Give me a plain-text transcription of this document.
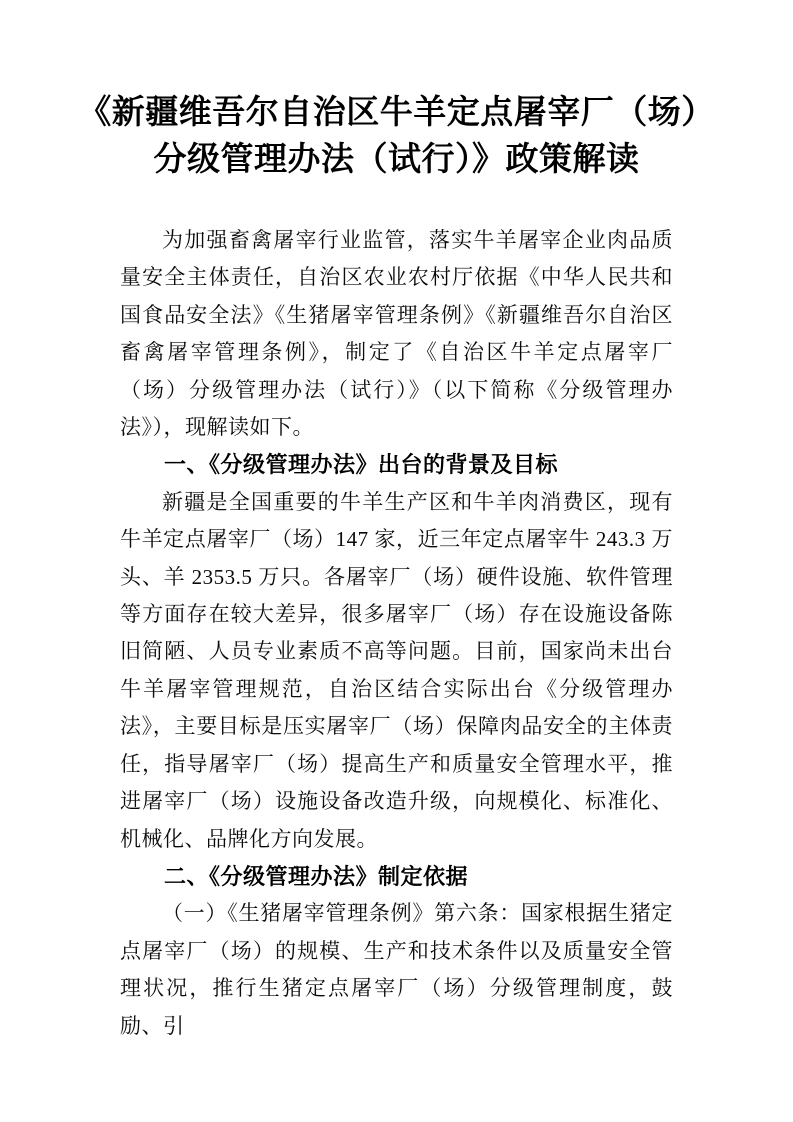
《新疆维吾尔自治区牛羊定点屠宰厂（场）
分级管理办法（试行）》政策解读

为加强畜禽屠宰行业监管，落实牛羊屠宰企业肉品质量安全主体责任，自治区农业农村厅依据《中华人民共和国食品安全法》《生猪屠宰管理条例》《新疆维吾尔自治区畜禽屠宰管理条例》，制定了《自治区牛羊定点屠宰厂（场）分级管理办法（试行）》（以下简称《分级管理办法》），现解读如下。

一、《分级管理办法》出台的背景及目标

新疆是全国重要的牛羊生产区和牛羊肉消费区，现有牛羊定点屠宰厂（场）147 家，近三年定点屠宰牛 243.3 万头、羊 2353.5 万只。各屠宰厂（场）硬件设施、软件管理等方面存在较大差异，很多屠宰厂（场）存在设施设备陈旧简陋、人员专业素质不高等问题。目前，国家尚未出台牛羊屠宰管理规范，自治区结合实际出台《分级管理办法》，主要目标是压实屠宰厂（场）保障肉品安全的主体责任，指导屠宰厂（场）提高生产和质量安全管理水平，推进屠宰厂（场）设施设备改造升级，向规模化、标准化、机械化、品牌化方向发展。

二、《分级管理办法》制定依据

（一）《生猪屠宰管理条例》第六条：国家根据生猪定点屠宰厂（场）的规模、生产和技术条件以及质量安全管理状况，推行生猪定点屠宰厂（场）分级管理制度，鼓励、引
